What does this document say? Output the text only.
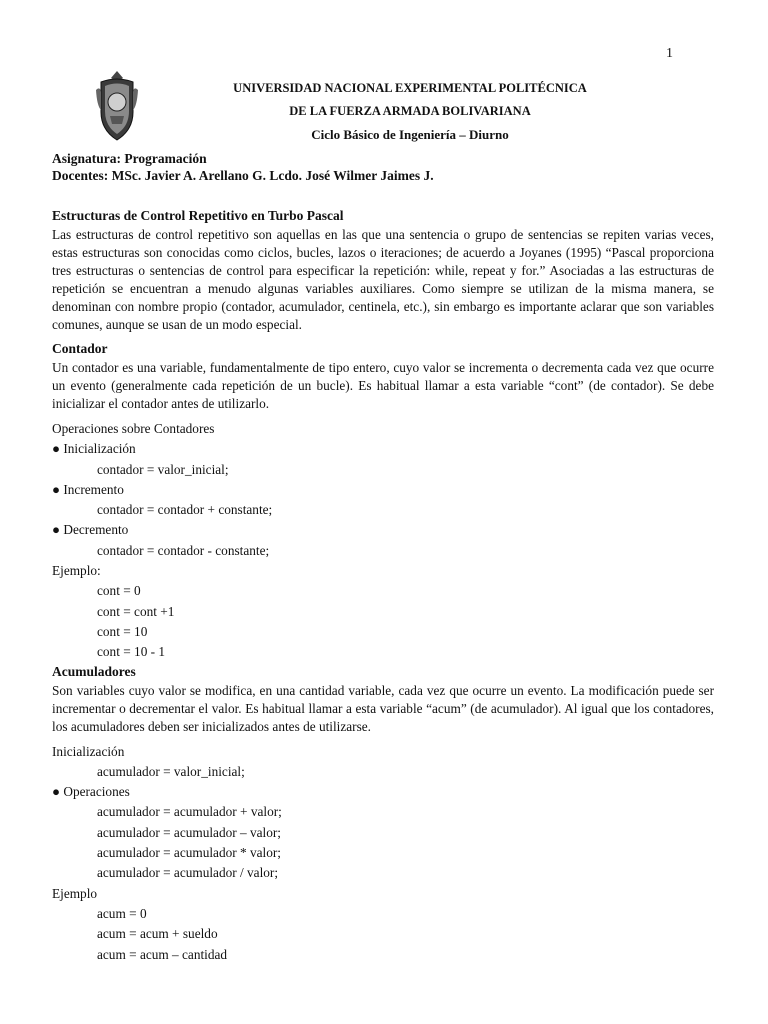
1
UNIVERSIDAD NACIONAL EXPERIMENTAL POLITÉCNICA
DE LA FUERZA ARMADA BOLIVARIANA
Ciclo Básico de Ingeniería – Diurno
Asignatura: Programación
Docentes: MSc. Javier A. Arellano G. Lcdo. José Wilmer Jaimes J.
Estructuras de Control Repetitivo en Turbo Pascal

Las estructuras de control repetitivo son aquellas en las que una sentencia o grupo de sentencias se repiten varias veces, estas estructuras son conocidas como ciclos, bucles, lazos o iteraciones; de acuerdo a Joyanes (1995) “Pascal proporciona tres estructuras o sentencias de control para especificar la repetición: while, repeat y for.” Asociadas a las estructuras de repetición se encuentran a menudo algunas variables auxiliares. Como siempre se utilizan de la misma manera, se denominan con nombre propio (contador, acumulador, centinela, etc.), sin embargo es importante aclarar que son variables comunes, aunque se usan de un modo especial.

Contador

Un contador es una variable, fundamentalmente de tipo entero, cuyo valor se incrementa o decrementa cada vez que ocurre un evento (generalmente cada repetición de un bucle). Es habitual llamar a esta variable “cont” (de contador). Se debe inicializar el contador antes de utilizarlo.

Operaciones sobre Contadores
● Inicialización
contador = valor_inicial;
● Incremento
contador = contador + constante;
● Decremento
contador = contador - constante;
Ejemplo:
cont = 0
cont = cont +1
cont = 10
cont = 10 - 1
Acumuladores

Son variables cuyo valor se modifica, en una cantidad variable, cada vez que ocurre un evento. La modificación puede ser incrementar o decrementar el valor. Es habitual llamar a esta variable “acum” (de acumulador). Al igual que los contadores, los acumuladores deben ser inicializados antes de utilizarse.

Inicialización
acumulador = valor_inicial;
● Operaciones
acumulador = acumulador + valor;
acumulador = acumulador – valor;
acumulador = acumulador * valor;
acumulador = acumulador / valor;
Ejemplo
acum = 0
acum = acum + sueldo
acum = acum – cantidad
